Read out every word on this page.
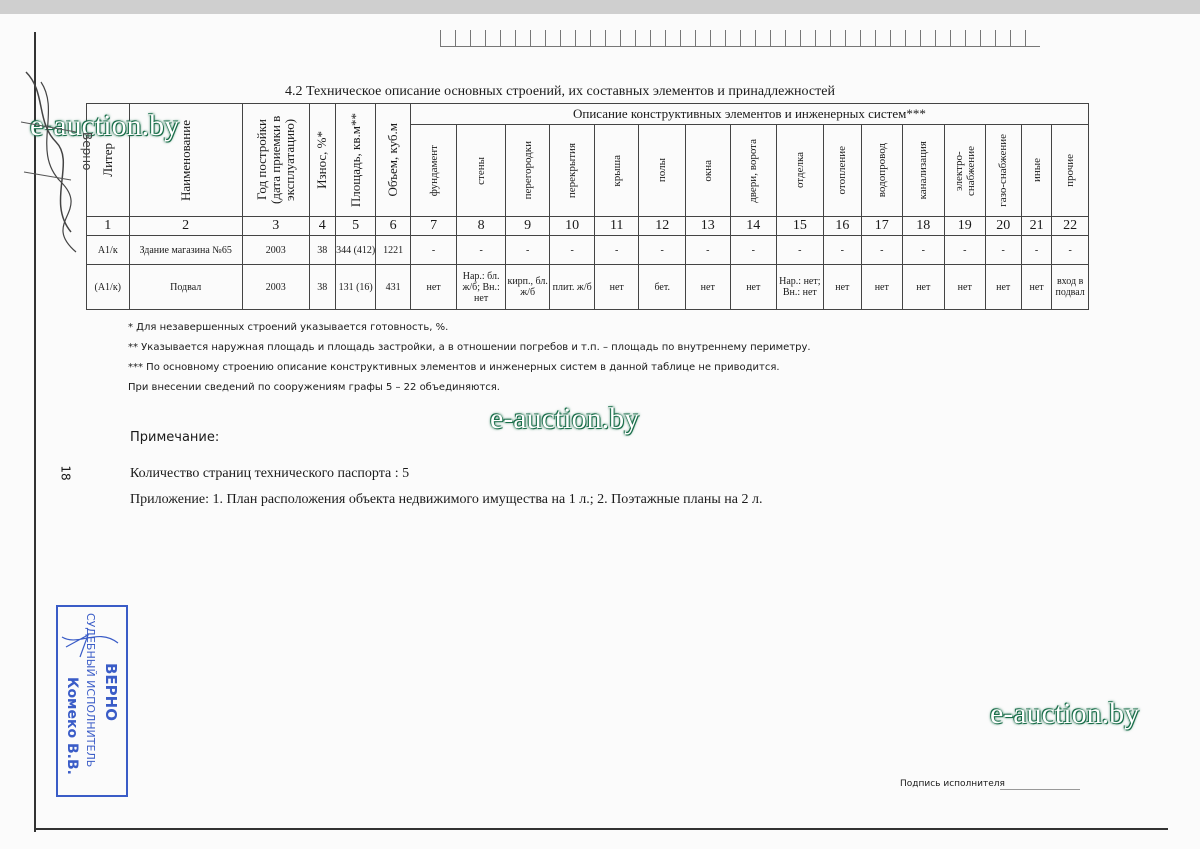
4.2 Техническое описание основных строений, их составных элементов и принадлежностей
Литер	Наименование	Год постройки (дата приемки в эксплуатацию)	Износ, %*	Площадь, кв.м**	Объем, куб.м	Описание конструктивных элементов и инженерных систем***															

						фундамент	стены	перегородки	перекрытия	крыша	полы	окна	двери, ворота	отделка	отопление	водопровод	канализация	электро-снабжение	газо-снабжение	иные	прочие

1	2	3	4	5	6	7	8	9	10	11	12	13	14	15	16	17	18	19	20	21	22
А1/к	Здание магазина №65	2003	38	344 (412)	1221	-	-	-	-	-	-	-	-	-	-	-	-	-	-	-	-
(А1/к)	Подвал	2003	38	131 (16)	431	нет	Нар.: бл. ж/б; Вн.: нет	кирп., бл. ж/б	плит. ж/б	нет	бет.	нет	нет	Нар.: нет; Вн.: нет	нет	нет	нет	нет	нет	нет	вход в подвал
* Для незавершенных строений указывается готовность, %.
** Указывается наружная площадь и площадь застройки, а в отношении погребов и т.п. – площадь по внутреннему периметру.
*** По основному строению описание конструктивных элементов и инженерных систем в данной таблице не приводится.
При внесении сведений по сооружениям графы 5 – 22 объединяются.
Примечание:
Количество страниц технического паспорта : 5
Приложение: 1. План расположения объекта недвижимого имущества на 1 л.; 2. Поэтажные планы на 2 л.
18
e-auction.by
e-auction.by
e-auction.by
Верно
ВЕРНО
СУДЕБНЫЙ ИСПОЛНИТЕЛЬ
Комеко В.В.
Подпись исполнителя
